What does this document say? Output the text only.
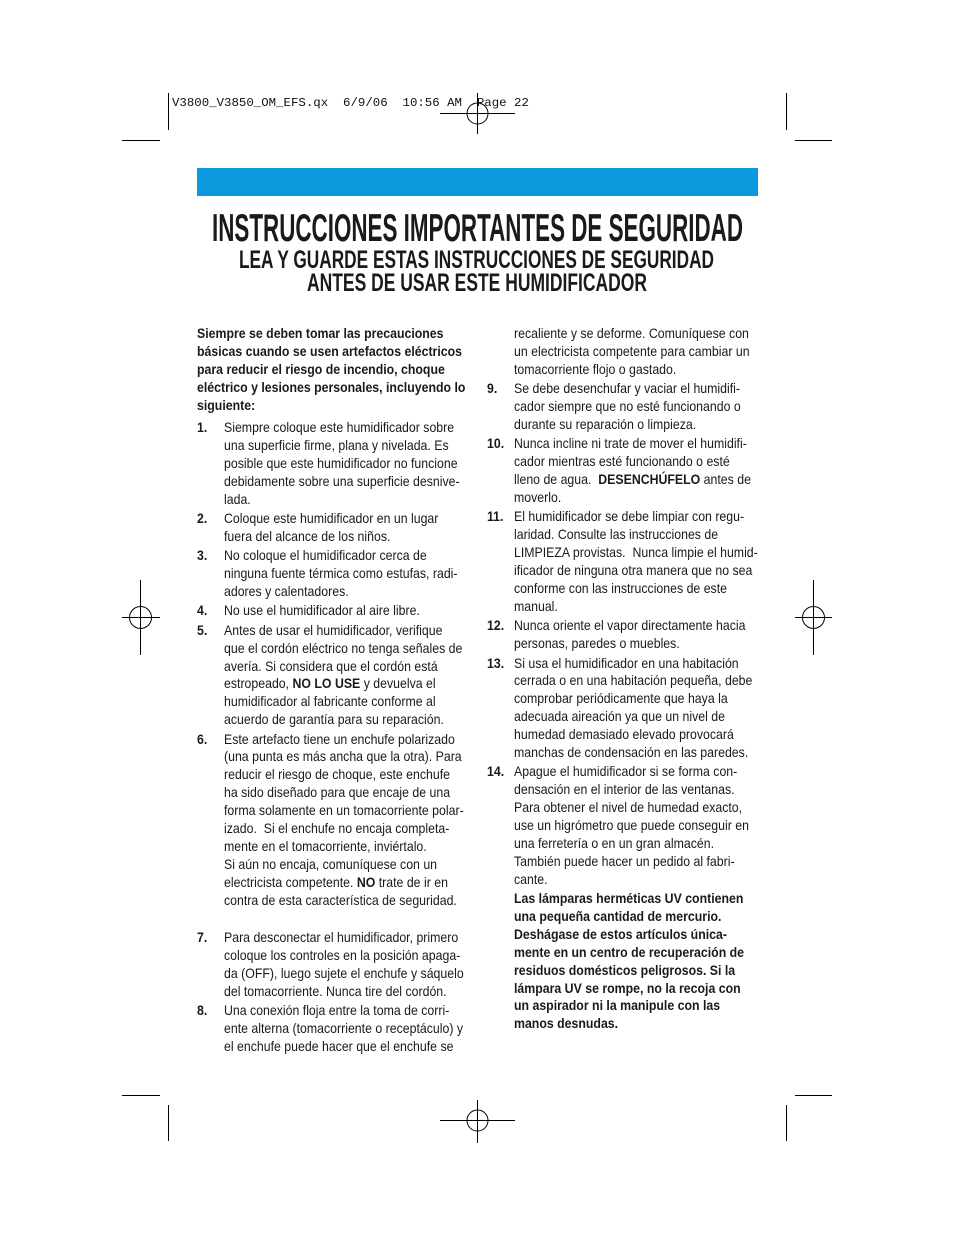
V3800_V3850_OM_EFS.qx  6/9/06  10:56 AM  Page 22
INSTRUCCIONES IMPORTANTES DE SEGURIDAD
LEA Y GUARDE ESTAS INSTRUCCIONES DE SEGURIDAD
ANTES DE USAR ESTE HUMIDIFICADOR
Siempre se deben tomar las precauciones
básicas cuando se usen artefactos eléctricos
para reducir el riesgo de incendio, choque
eléctrico y lesiones personales, incluyendo lo
siguiente:
1. Siempre coloque este humidificador sobre
una superficie firme, plana y nivelada. Es
posible que este humidificador no funcione
debidamente sobre una superficie desnive-
lada.
2. Coloque este humidificador en un lugar
fuera del alcance de los niños.
3. No coloque el humidificador cerca de
ninguna fuente térmica como estufas, radi-
adores y calentadores.
4. No use el humidificador al aire libre.
5. Antes de usar el humidificador, verifique
que el cordón eléctrico no tenga señales de
avería. Si considera que el cordón está
estropeado, NO LO USE y devuelva el
humidificador al fabricante conforme al
acuerdo de garantía para su reparación.
6. Este artefacto tiene un enchufe polarizado
(una punta es más ancha que la otra). Para
reducir el riesgo de choque, este enchufe
ha sido diseñado para que encaje de una
forma solamente en un tomacorriente polar-
izado.  Si el enchufe no encaja completa-
mente en el tomacorriente, inviértalo.
Si aún no encaja, comuníquese con un
electricista competente. NO trate de ir en
contra de esta característica de seguridad.
7. Para desconectar el humidificador, primero
coloque los controles en la posición apaga-
da (OFF), luego sujete el enchufe y sáquelo
del tomacorriente. Nunca tire del cordón.
8. Una conexión floja entre la toma de corri-
ente alterna (tomacorriente o receptáculo) y
el enchufe puede hacer que el enchufe se
recaliente y se deforme. Comuníquese con
un electricista competente para cambiar un
tomacorriente flojo o gastado.
9. Se debe desenchufar y vaciar el humidifi-
cador siempre que no esté funcionando o
durante su reparación o limpieza.
10. Nunca incline ni trate de mover el humidifi-
cador mientras esté funcionando o esté
lleno de agua.  DESENCHÚFELO antes de
moverlo.
11. El humidificador se debe limpiar con regu-
laridad. Consulte las instrucciones de
LIMPIEZA provistas.  Nunca limpie el humid-
ificador de ninguna otra manera que no sea
conforme con las instrucciones de este
manual.
12. Nunca oriente el vapor directamente hacia
personas, paredes o muebles.
13. Si usa el humidificador en una habitación
cerrada o en una habitación pequeña, debe
comprobar periódicamente que haya la
adecuada aireación ya que un nivel de
humedad demasiado elevado provocará
manchas de condensación en las paredes.
14. Apague el humidificador si se forma con-
densación en el interior de las ventanas.
Para obtener el nivel de humedad exacto,
use un higrómetro que puede conseguir en
una ferretería o en un gran almacén.
También puede hacer un pedido al fabri-
cante.
Las lámparas herméticas UV contienen
una pequeña cantidad de mercurio.
Deshágase de estos artículos única-
mente en un centro de recuperación de
residuos domésticos peligrosos. Si la
lámpara UV se rompe, no la recoja con
un aspirador ni la manipule con las
manos desnudas.
